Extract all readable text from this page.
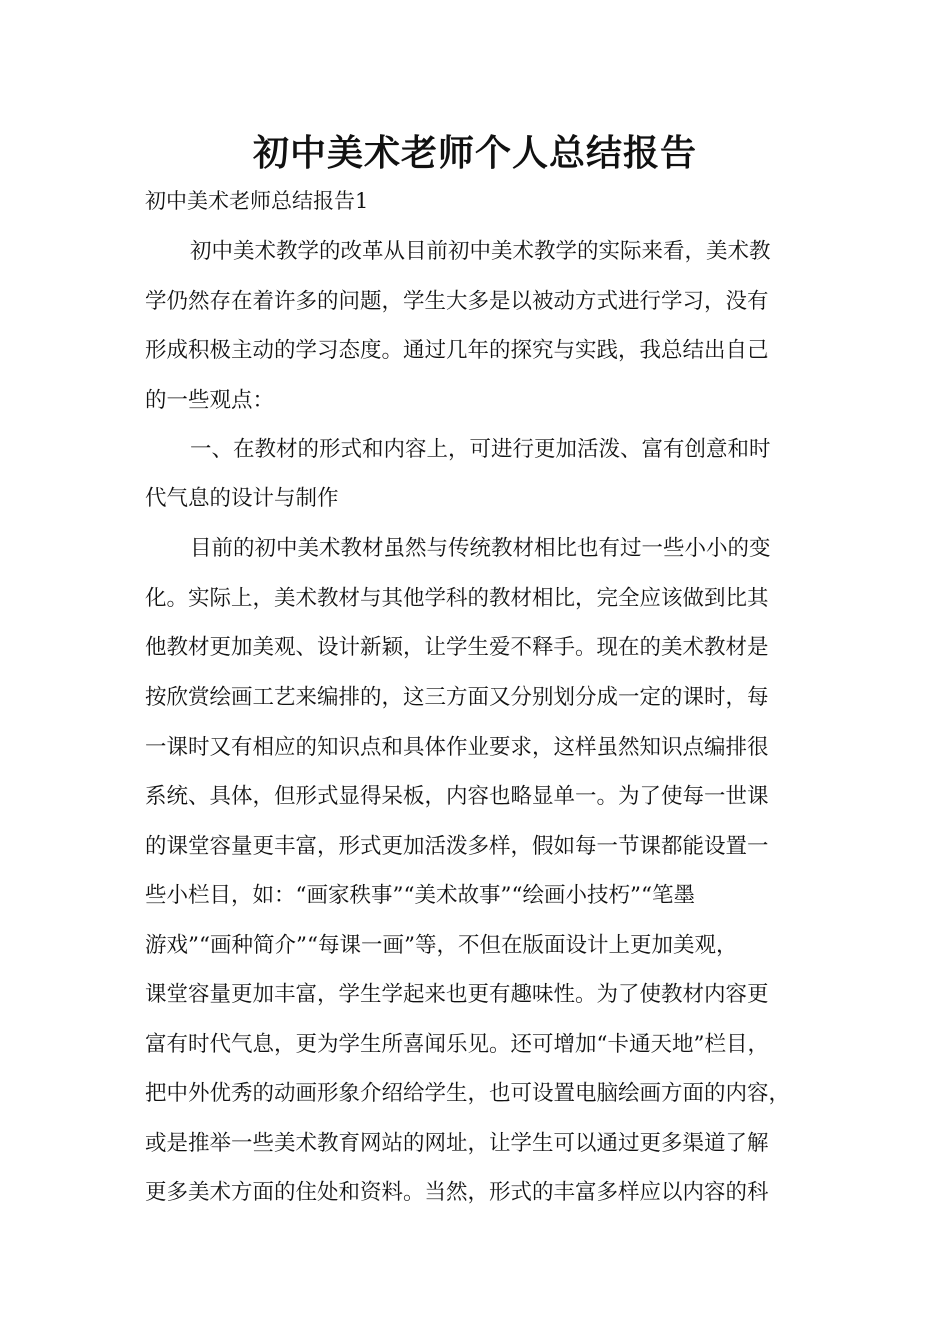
初中美术老师个人总结报告

初中美术老师总结报告1

初中美术教学的改革从目前初中美术教学的实际来看，美术教

学仍然存在着许多的问题，学生大多是以被动方式进行学习，没有

形成积极主动的学习态度。通过几年的探究与实践，我总结出自己

的一些观点：

一、在教材的形式和内容上，可进行更加活泼、富有创意和时

代气息的设计与制作

目前的初中美术教材虽然与传统教材相比也有过一些小小的变

化。实际上，美术教材与其他学科的教材相比，完全应该做到比其

他教材更加美观、设计新颖，让学生爱不释手。现在的美术教材是

按欣赏绘画工艺来编排的，这三方面又分别划分成一定的课时，每

一课时又有相应的知识点和具体作业要求，这样虽然知识点编排很

系统、具体，但形式显得呆板，内容也略显单一。为了使每一世课

的课堂容量更丰富，形式更加活泼多样，假如每一节课都能设置一

些小栏目，如：“画家秩事”“美术故事”“绘画小技朽”“笔墨

游戏”“画种简介”“每课一画”等，不但在版面设计上更加美观，

课堂容量更加丰富，学生学起来也更有趣味性。为了使教材内容更

富有时代气息，更为学生所喜闻乐见。还可增加“卡通天地”栏目，

把中外优秀的动画形象介绍给学生，也可设置电脑绘画方面的内容，

或是推举一些美术教育网站的网址，让学生可以通过更多渠道了解

更多美术方面的住处和资料。当然，形式的丰富多样应以内容的科
